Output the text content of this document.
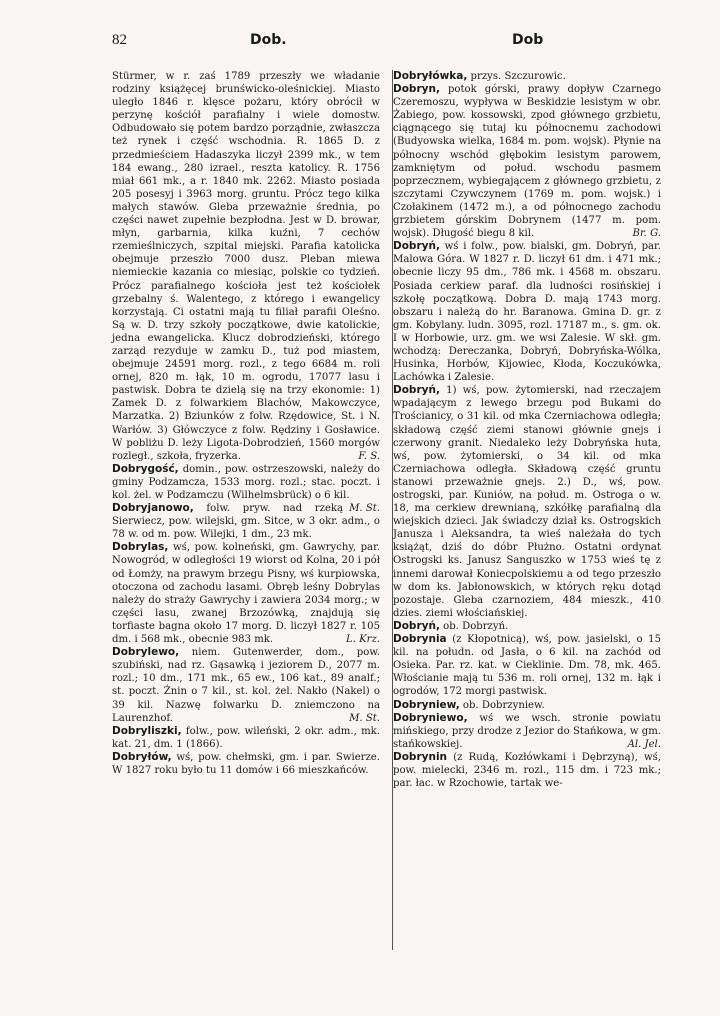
82	Dob.	Dob

Stürmer, w r. zaś 1789 przeszły we władanie rodziny książęcej brunświcko-oleśnickiej. Miasto uległo 1846 r. klęsce pożaru, który obrócił w perzynę kościół parafialny i wiele domostw. Odbudowało się potem bardzo porządnie, zwłaszcza też rynek i część wschodnia. R. 1865 D. z przedmieściem Hadaszyka liczył 2399 mk., w tem 184 ewang., 280 izrael., reszta katolicy. R. 1756 miał 661 mk., a r. 1840 mk. 2262. Miasto posiada 205 posesyj i 3963 morg. gruntu. Prócz tego kilka małych stawów. Gleba przeważnie średnia, po części nawet zupełnie bezpłodna. Jest w D. browar, młyn, garbarnia, kilka kuźni, 7 cechów rzemieślniczych, szpital miejski. Parafia katolicka obejmuje przeszło 7000 dusz. Pleban miewa niemieckie kazania co miesiąc, polskie co tydzień. Prócz parafialnego kościoła jest też kościołek grzebalny ś. Walentego, z którego i ewangelicy korzystają. Ci ostatni mają tu filiał parafii Oleśno. Są w. D. trzy szkoły początkowe, dwie katolickie, jedna ewangelicka. Klucz dobrodzieński, którego zarząd rezyduje w zamku D., tuż pod miastem, obejmuje 24591 morg. rozl., z tego 6684 m. roli ornej, 820 m. łąk, 10 m. ogrodu, 17077 lasu i pastwisk. Dobra te dzielą się na trzy ekonomie: 1) Zamek D. z folwarkiem Blachów, Makowczyce, Marzatka. 2) Bziunków z folw. Rzędowice, St. i N. Warłów. 3) Główczyce z folw. Rędziny i Gosławice. W pobliżu D. leży Ligota-Dobrodzień, 1560 morgów rozległ., szkoła, fryzerka.	F. S.

Dobrygość, domin., pow. ostrzeszowski, należy do gminy Podzamcza, 1533 morg. rozl.; stac. poczt. i kol. żel. w Podzamczu (Wilhelmsbrück) o 6 kil.
M. St.

Dobryjanowo, folw. pryw. nad rzeką Sierwiecz, pow. wilejski, gm. Sitce, w 3 okr. adm., o 78 w. od m. pow. Wilejki, 1 dm., 23 mk.

Dobrylas, wś, pow. kolneński, gm. Gawrychy, par. Nowogród, w odległości 19 wiorst od Kolna, 20 i pół od Łomży, na prawym brzegu Pisny, wś kurpiowska, otoczona od zachodu lasami. Obręb leśny Dobrylas należy do straży Gawrychy i zawiera 2034 morg.; w części lasu, zwanej Brzozówką, znajdują się torfiaste bagna około 17 morg. D. liczył 1827 r. 105 dm. i 568 mk., obecnie 983 mk.	L. Krz.

Dobrylewo, niem. Gutenwerder, dom., pow. szubiński, nad rz. Gąsawką i jeziorem D., 2077 m. rozl.; 10 dm., 171 mk., 65 ew., 106 kat., 89 analf.; st. poczt. Żnin o 7 kil., st. kol. żel. Nakło (Nakel) o 39 kil. Nazwę folwarku D. zniemczono na Laurenzhof.	M. St.

Dobryliszki, folw., pow. wileński, 2 okr. adm., mk. kat. 21, dm. 1 (1866).

Dobryłów, wś, pow. chełmski, gm. i par. Swierze. W 1827 roku było tu 11 domów i 66 mieszkańców.

Dobryłówka, przys. Szczurowic.

Dobryn, potok górski, prawy dopływ Czarnego Czeremoszu, wypływa w Beskidzie lesistym w obr. Żabiego, pow. kossowski, zpod głównego grzbietu, ciągnącego się tutaj ku północnemu zachodowi (Budyowska wielka, 1684 m. pom. wojsk). Płynie na północny wschód głębokim lesistym parowem, zamkniętym od połud. wschodu pasmem poprzecznem, wybiegającem z głównego grzbietu, z szczytami Czywczynem (1769 m. pom. wojsk.) i Czołakinem (1472 m.), a od północnego zachodu grzbietem górskim Dobrynem (1477 m. pom. wojsk). Długość biegu 8 kil.	Br. G.

Dobryń, wś i folw., pow. bialski, gm. Dobryń, par. Malowa Góra. W 1827 r. D. liczył 61 dm. i 471 mk.; obecnie liczy 95 dm., 786 mk. i 4568 m. obszaru. Posiada cerkiew paraf. dla ludności rosińskiej i szkołę początkową. Dobra D. mają 1743 morg. obszaru i należą do hr. Baranowa. Gmina D. gr. z gm. Kobylany. ludn. 3095, rozl. 17187 m., s. gm. ok. I w Horbowie, urz. gm. we wsi Zalesie. W skł. gm. wchodzą: Dereczanka, Dobryń, Dobryńska-Wólka, Husinka, Horbów, Kijowiec, Kłoda, Koczukówka, Lachówka i Zalesie.

Dobryń, 1) wś, pow. żytomierski, nad rzeczajem wpadającym z lewego brzegu pod Bukami do Trościanicy, o 31 kil. od mka Czerniachowa odległa; składową część ziemi stanowi głównie gnejs i czerwony granit. Niedaleko leży Dobryńska huta, wś, pow. żytomierski, o 34 kil. od mka Czerniachowa odległa. Składową część gruntu stanowi przeważnie gnejs. 2.) D., wś, pow. ostrogski, par. Kuniów, na połud. m. Ostroga o w. 18, ma cerkiew drewnianą, szkółkę parafialną dla wiejskich dzieci. Jak świadczy dział ks. Ostrogskich Janusza i Aleksandra, ta wieś należała do tych książąt, dziś do dóbr Płużno. Ostatni ordynat Ostrogski ks. Janusz Sanguszko w 1753 wieś tę z innemi darował Koniecpolskiemu a od tego przeszło w dom ks. Jabłonowskich, w których ręku dotąd pozostaje. Gleba czarnoziem, 484 mieszk., 410 dzies. ziemi włościańskiej.

Dobryń, ob. Dobrzyń.

Dobrynia (z Kłopotnicą), wś, pow. jasielski, o 15 kil. na połudn. od Jasła, o 6 kil. na zachód od Osieka. Par. rz. kat. w Cieklinie. Dm. 78, mk. 465. Włościanie mają tu 536 m. roli ornej, 132 m. łąk i ogrodów, 172 morgi pastwisk.

Dobryniew, ob. Dobrzyniew.

Dobryniewo, wś we wsch. stronie powiatu mińskiego, przy drodze z Jezior do Stańkowa, w gm. stańkowskiej.	Al. Jel.

Dobrynin (z Rudą, Kozłówkami i Dębrzyną), wś, pow. mielecki, 2346 m. rozl., 115 dm. i 723 mk.; par. łac. w Rzochowie, tartak we-
